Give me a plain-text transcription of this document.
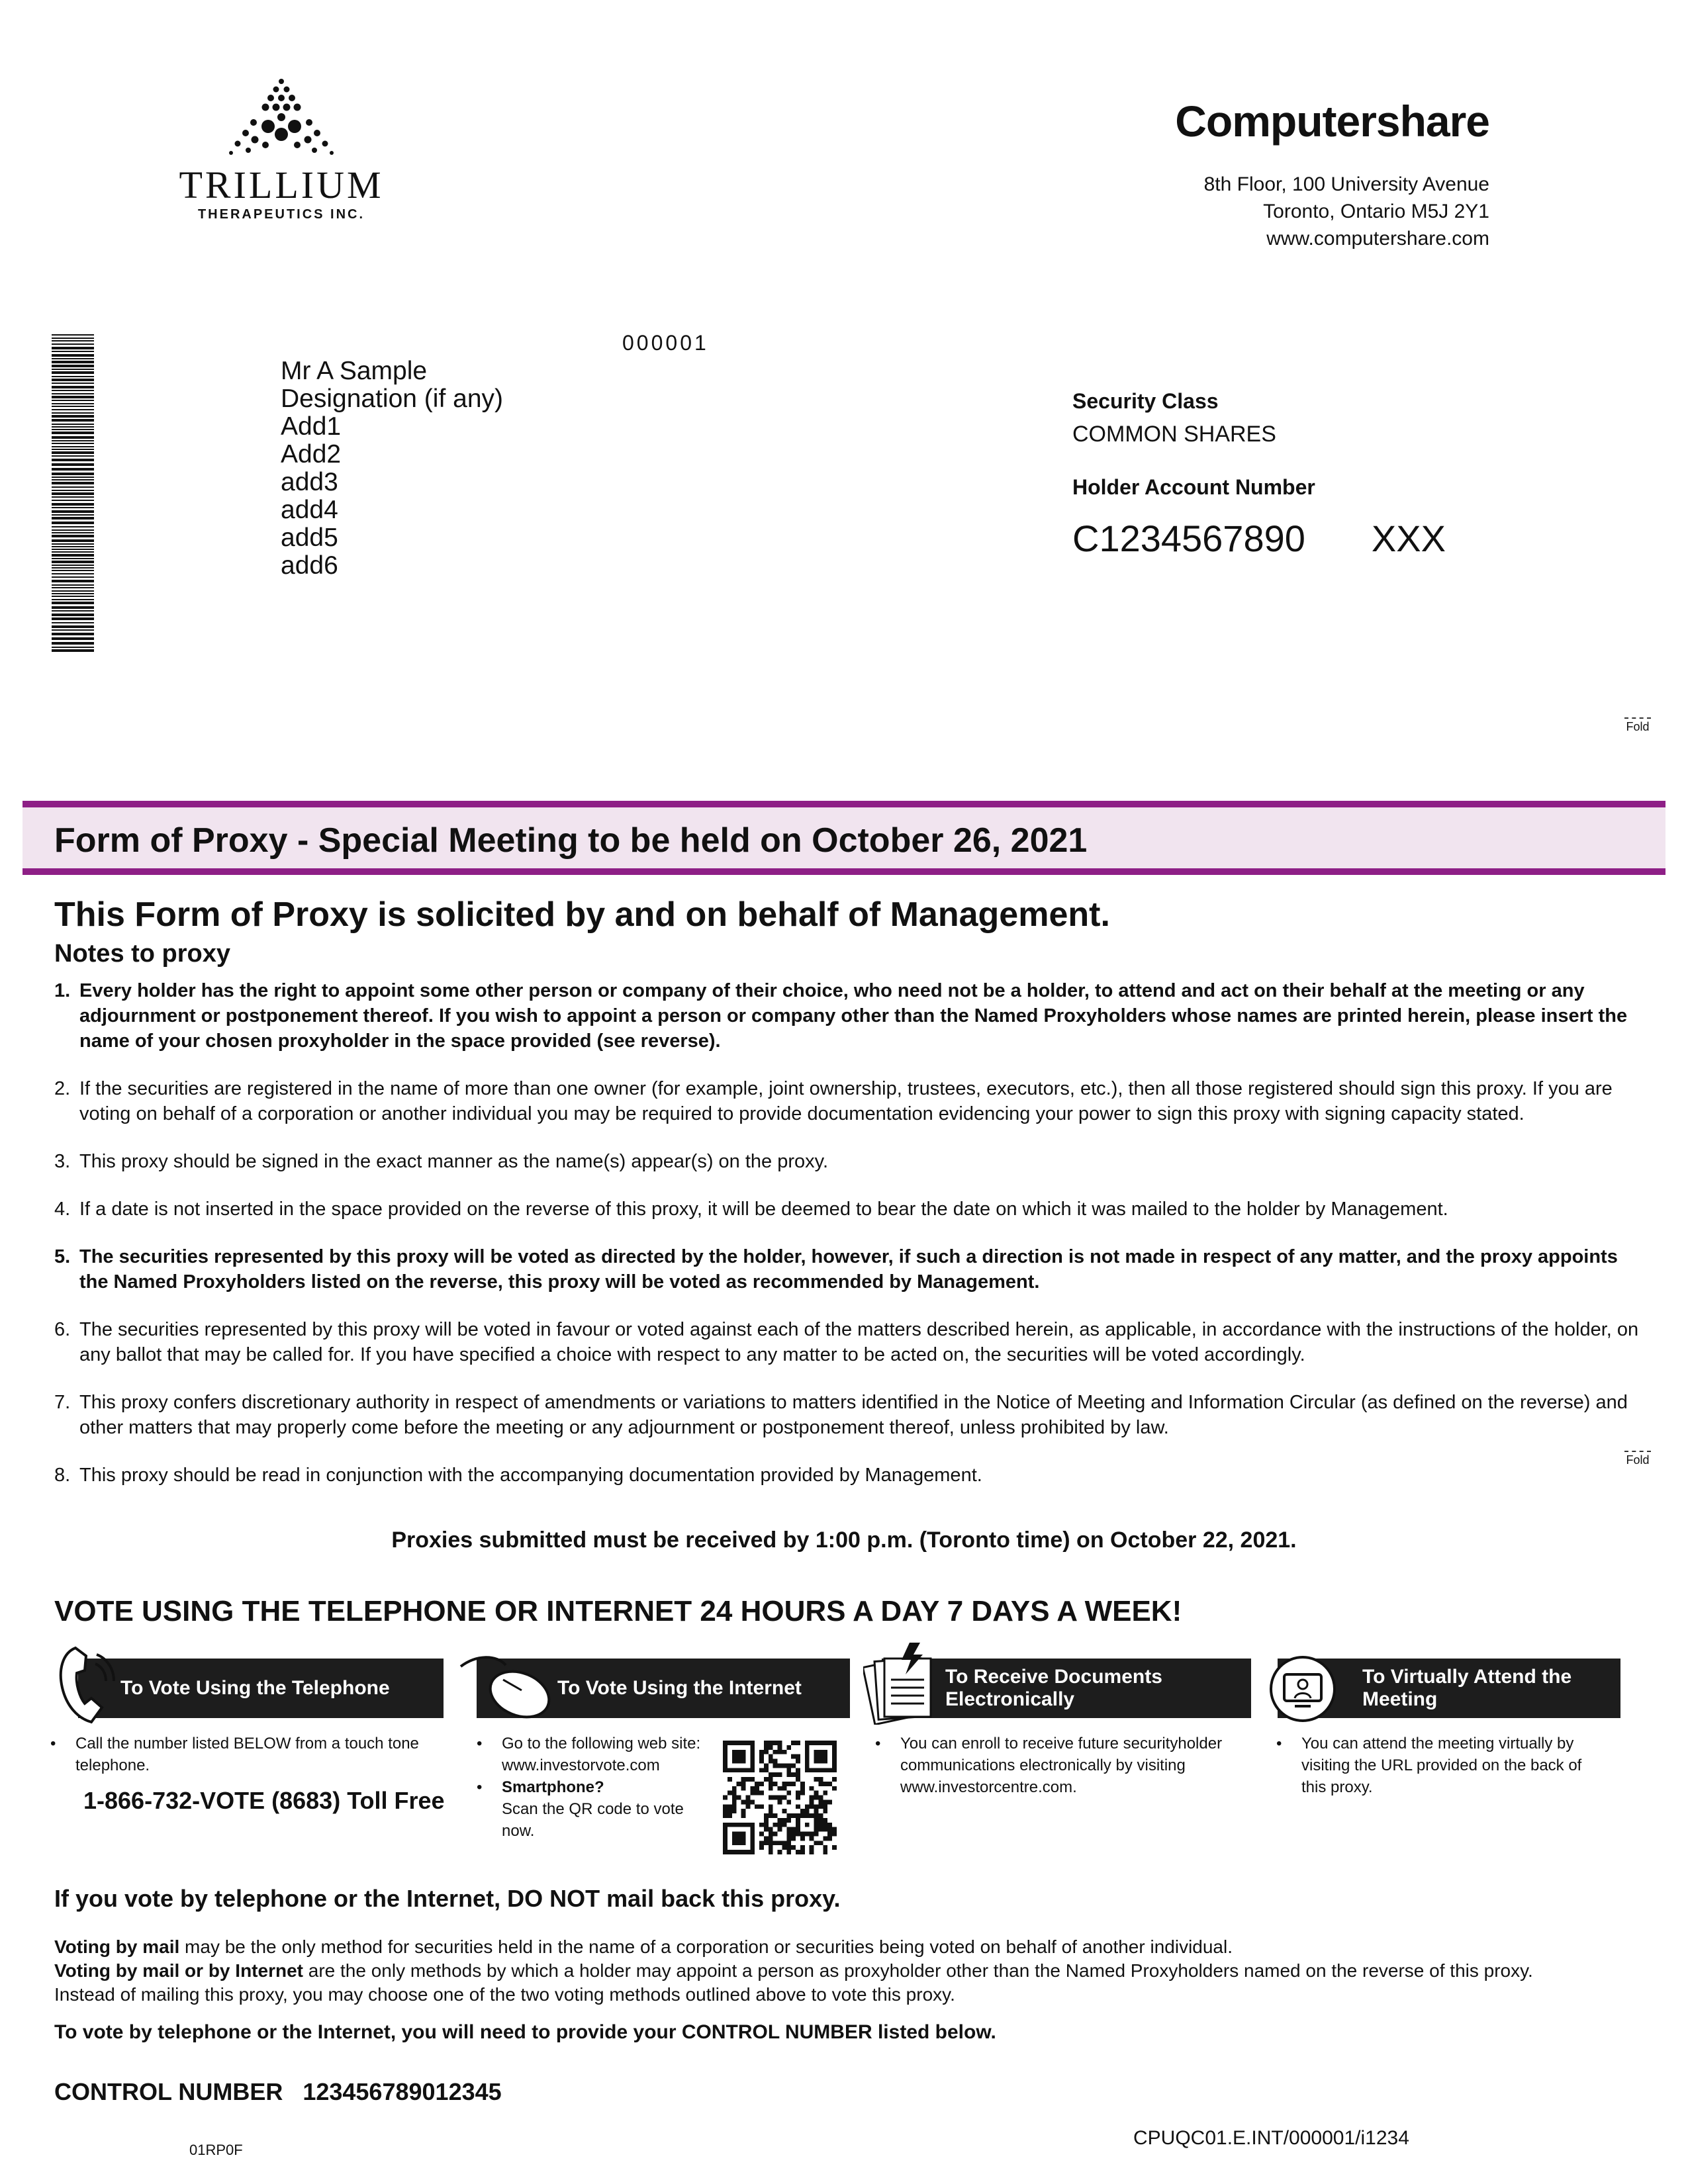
TRILLIUM
THERAPEUTICS INC.
Computershare
8th Floor, 100 University Avenue
Toronto, Ontario M5J 2Y1
www.computershare.com
000001
Mr A Sample
Designation (if any)
Add1
Add2
add3
add4
add5
add6
Security Class
COMMON SHARES
Holder Account Number
C1234567890 XXX
Fold
Form of Proxy - Special Meeting to be held on October 26, 2021
This Form of Proxy is solicited by and on behalf of Management.
Notes to proxy
1. Every holder has the right to appoint some other person or company of their choice, who need not be a holder, to attend and act on their behalf at the meeting or any adjournment or postponement thereof. If you wish to appoint a person or company other than the Named Proxyholders whose names are printed herein, please insert the name of your chosen proxyholder in the space provided (see reverse).
2. If the securities are registered in the name of more than one owner (for example, joint ownership, trustees, executors, etc.), then all those registered should sign this proxy. If you are voting on behalf of a corporation or another individual you may be required to provide documentation evidencing your power to sign this proxy with signing capacity stated.
3. This proxy should be signed in the exact manner as the name(s) appear(s) on the proxy.
4. If a date is not inserted in the space provided on the reverse of this proxy, it will be deemed to bear the date on which it was mailed to the holder by Management.
5. The securities represented by this proxy will be voted as directed by the holder, however, if such a direction is not made in respect of any matter, and the proxy appoints the Named Proxyholders listed on the reverse, this proxy will be voted as recommended by Management.
6. The securities represented by this proxy will be voted in favour or voted against each of the matters described herein, as applicable, in accordance with the instructions of the holder, on any ballot that may be called for. If you have specified a choice with respect to any matter to be acted on, the securities will be voted accordingly.
7. This proxy confers discretionary authority in respect of amendments or variations to matters identified in the Notice of Meeting and Information Circular (as defined on the reverse) and other matters that may properly come before the meeting or any adjournment or postponement thereof, unless prohibited by law.
8. This proxy should be read in conjunction with the accompanying documentation provided by Management.
Fold
Proxies submitted must be received by 1:00 p.m. (Toronto time) on October 22, 2021.
VOTE USING THE TELEPHONE OR INTERNET 24 HOURS A DAY 7 DAYS A WEEK!
To Vote Using the Telephone
•	Call the number listed BELOW from a touch tone telephone.
1-866-732-VOTE (8683) Toll Free
To Vote Using the Internet
•	Go to the following web site: www.investorvote.com
•	Smartphone?
Scan the QR code to vote now.
To Receive Documents Electronically
•	You can enroll to receive future securityholder communications electronically by visiting www.investorcentre.com.
To Virtually Attend the Meeting
•	You can attend the meeting virtually by visiting the URL provided on the back of this proxy.
If you vote by telephone or the Internet, DO NOT mail back this proxy.
Voting by mail may be the only method for securities held in the name of a corporation or securities being voted on behalf of another individual.
Voting by mail or by Internet are the only methods by which a holder may appoint a person as proxyholder other than the Named Proxyholders named on the reverse of this proxy.
Instead of mailing this proxy, you may choose one of the two voting methods outlined above to vote this proxy.
To vote by telephone or the Internet, you will need to provide your CONTROL NUMBER listed below.
CONTROL NUMBER 123456789012345
01RP0F
CPUQC01.E.INT/000001/i1234
